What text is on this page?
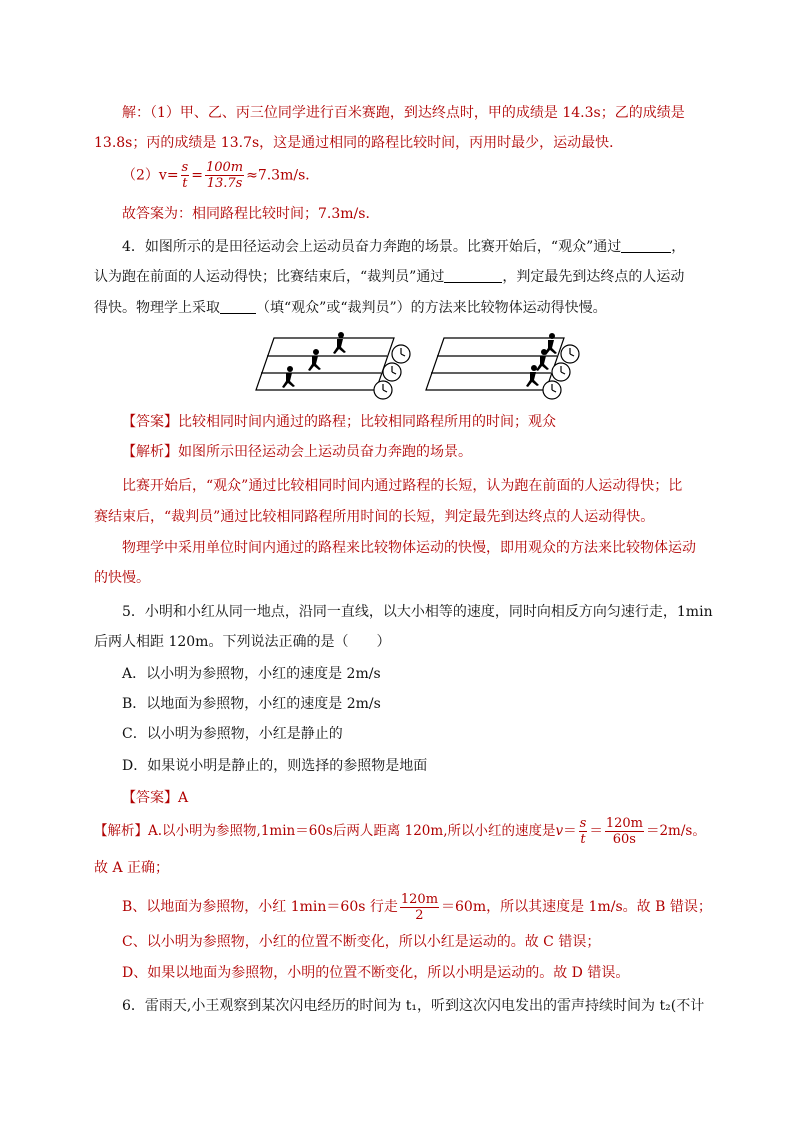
解：（1）甲、乙、丙三位同学进行百米赛跑，到达终点时，甲的成绩是 14.3s；乙的成绩是
13.8s；丙的成绩是 13.7s，这是通过相同的路程比较时间，丙用时最少，运动最快．
$(2)v= \frac{s}{t} = \frac{100m}{13.7s} \approx 7.3m/s$．
故答案为：相同路程比较时间；7.3m/s．
4．如图所示的是田径运动会上运动员奋力奔跑的场景。比赛开始后，“观众”通过	，
认为跑在前面的人运动得快；比赛结束后，“裁判员”通过	，判定最先到达终点的人运动
得快。物理学上采取	（填“观众”或“裁判员”）的方法来比较物体运动得快慢。
【答案】比较相同时间内通过的路程；比较相同路程所用的时间；观众
【解析】如图所示田径运动会上运动员奋力奔跑的场景。
比赛开始后，“观众”通过比较相同时间内通过路程的长短，认为跑在前面的人运动得快；比
赛结束后，“裁判员”通过比较相同路程所用时间的长短，判定最先到达终点的人运动得快。
物理学中采用单位时间内通过的路程来比较物体运动的快慢，即用观众的方法来比较物体运动
的快慢。
5．小明和小红从同一地点，沿同一直线，以大小相等的速度，同时向相反方向匀速行走，1min
后两人相距 120m。下列说法正确的是（　　）
A．以小明为参照物，小红的速度是 2m/s
B．以地面为参照物，小红的速度是 2m/s
C．以小明为参照物，小红是静止的
D．如果说小明是静止的，则选择的参照物是地面
【答案】A
【解析】A.以小明为参照物,1min＝60s后两人距离 120m,所以小红的速度是$v= \frac{s}{t} = \frac{120m}{60s} =2m/s$。
故 A 正确；
B、以地面为参照物，小红 1min＝60s 行走 $\frac{120m}{2} =60m$，所以其速度是 1m/s。故 B 错误；
C、以小明为参照物，小红的位置不断变化，所以小红是运动的。故 C 错误；
D、如果以地面为参照物，小明的位置不断变化，所以小明是运动的。故 D 错误。
6．雷雨天,小王观察到某次闪电经历的时间为 t₁，听到这次闪电发出的雷声持续时间为 t₂(不计
